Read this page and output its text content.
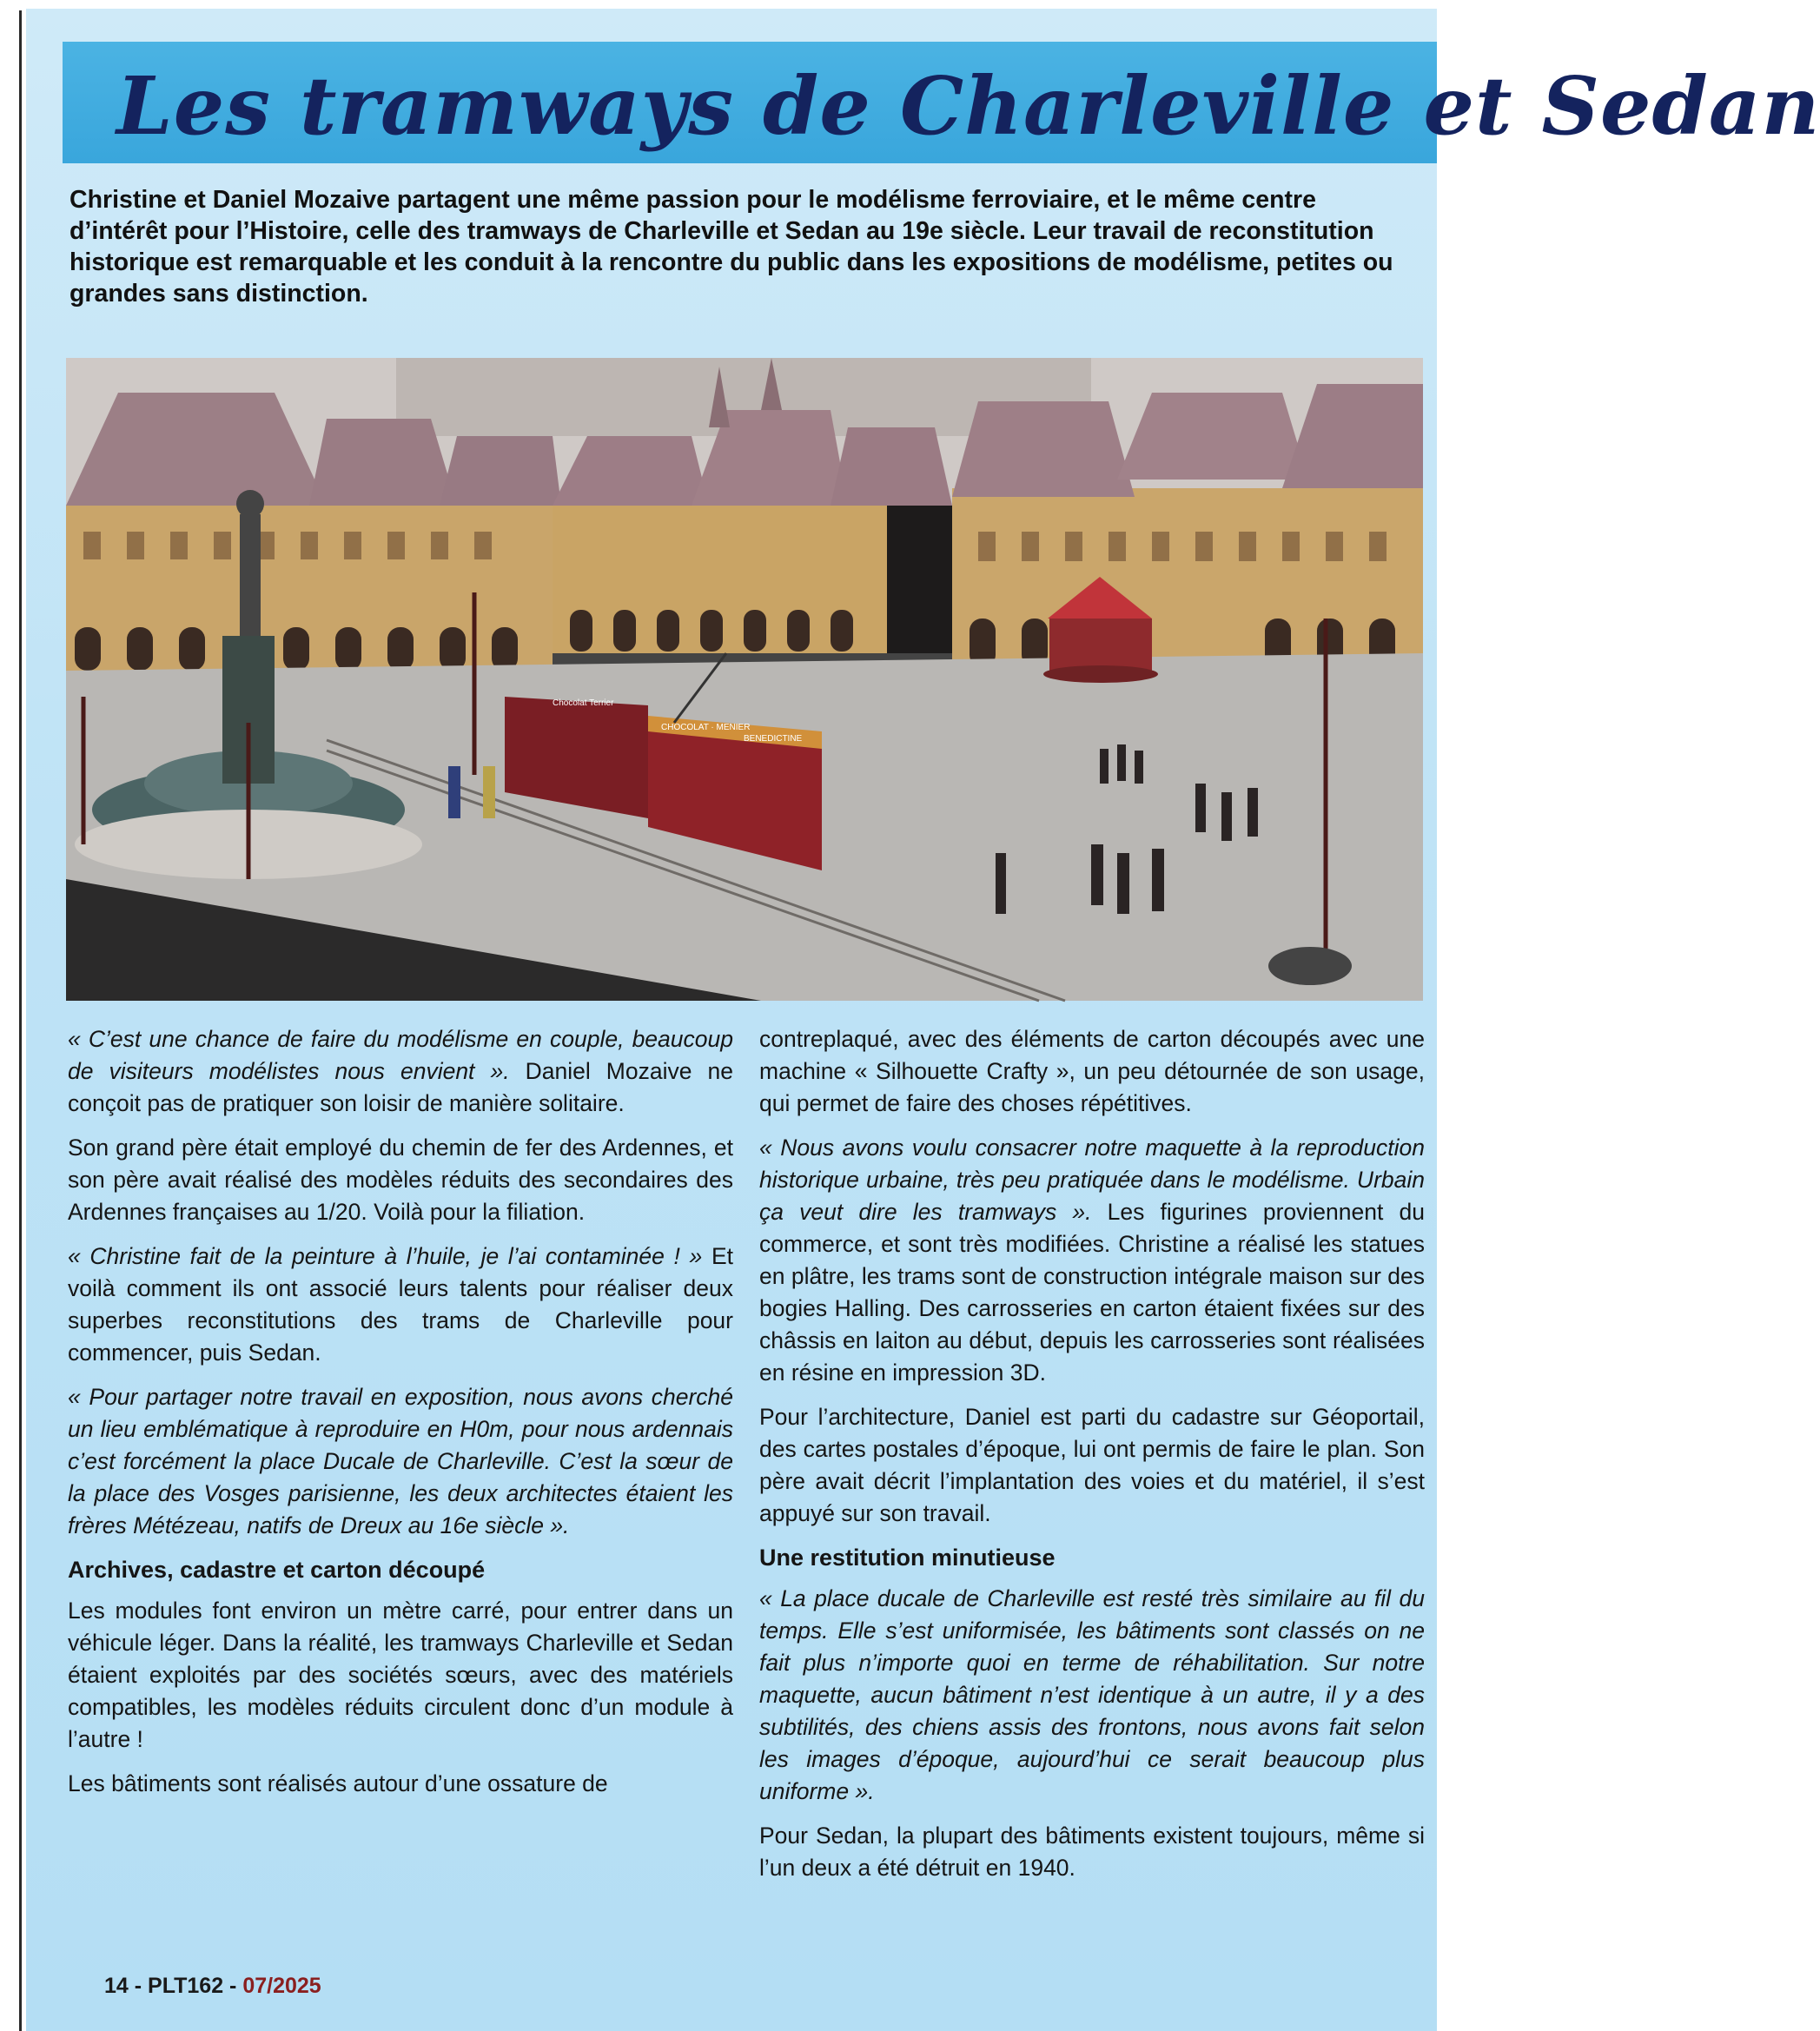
Les tramways de Charleville et Sedan
Christine et Daniel Mozaive partagent une même passion pour le modélisme ferroviaire, et le même centre d’intérêt pour l’Histoire, celle des tramways de Charleville et Sedan au 19e siècle. Leur travail de reconstitution historique est remarquable et les conduit à la rencontre du public dans les expositions de modélisme, petites ou grandes sans distinction.
CHOCOLAT · MENIER
BENEDICTINE
Chocolat Terrier

« C’est une chance de faire du modélisme en couple, beaucoup de visiteurs modélistes nous envient ». Daniel Mozaive ne conçoit pas de pratiquer son loisir de manière solitaire.

Son grand père était employé du chemin de fer des Ardennes, et son père avait réalisé des modèles réduits des secondaires des Ardennes françaises au 1/20. Voilà pour la filiation.

« Christine fait de la peinture à l’huile, je l’ai contaminée ! » Et voilà comment ils ont associé leurs talents pour réaliser deux superbes reconstitutions des trams de Charleville pour commencer, puis Sedan.

« Pour partager notre travail en exposition, nous avons cherché un lieu emblématique à reproduire en H0m, pour nous ardennais c’est forcément la place Ducale de Charleville. C’est la sœur de la place des Vosges parisienne, les deux architectes étaient les frères Métézeau, natifs de Dreux au 16e siècle ».

Archives, cadastre et carton découpé

Les modules font environ un mètre carré, pour entrer dans un véhicule léger. Dans la réalité, les tramways Charleville et Sedan étaient exploités par des sociétés sœurs, avec des matériels compatibles, les modèles réduits circulent donc d’un module à l’autre !

Les bâtiments sont réalisés autour d’une ossature de

contreplaqué, avec des éléments de carton découpés avec une machine « Silhouette Crafty », un peu détournée de son usage, qui permet de faire des choses répétitives.

« Nous avons voulu consacrer notre maquette à la reproduction historique urbaine, très peu pratiquée dans le modélisme. Urbain ça veut dire les tramways ». Les figurines proviennent du commerce, et sont très modifiées. Christine a réalisé les statues en plâtre, les trams sont de construction intégrale maison sur des bogies Halling. Des carrosseries en carton étaient fixées sur des châssis en laiton au début, depuis les carrosseries sont réalisées en résine en impression 3D.

Pour l’architecture, Daniel est parti du cadastre sur Géoportail, des cartes postales d’époque, lui ont permis de faire le plan. Son père avait décrit l’implantation des voies et du matériel, il s’est appuyé sur son travail.

Une restitution minutieuse

« La place ducale de Charleville est resté très similaire au fil du temps. Elle s’est uniformisée, les bâtiments sont classés on ne fait plus n’importe quoi en terme de réhabilitation. Sur notre maquette, aucun bâtiment n’est identique à un autre, il y a des subtilités, des chiens assis des frontons, nous avons fait selon les images d’époque, aujourd’hui ce serait beaucoup plus uniforme ».

Pour Sedan, la plupart des bâtiments existent toujours, même si l’un deux a été détruit en 1940.

14 - PLT162 - 07/2025
